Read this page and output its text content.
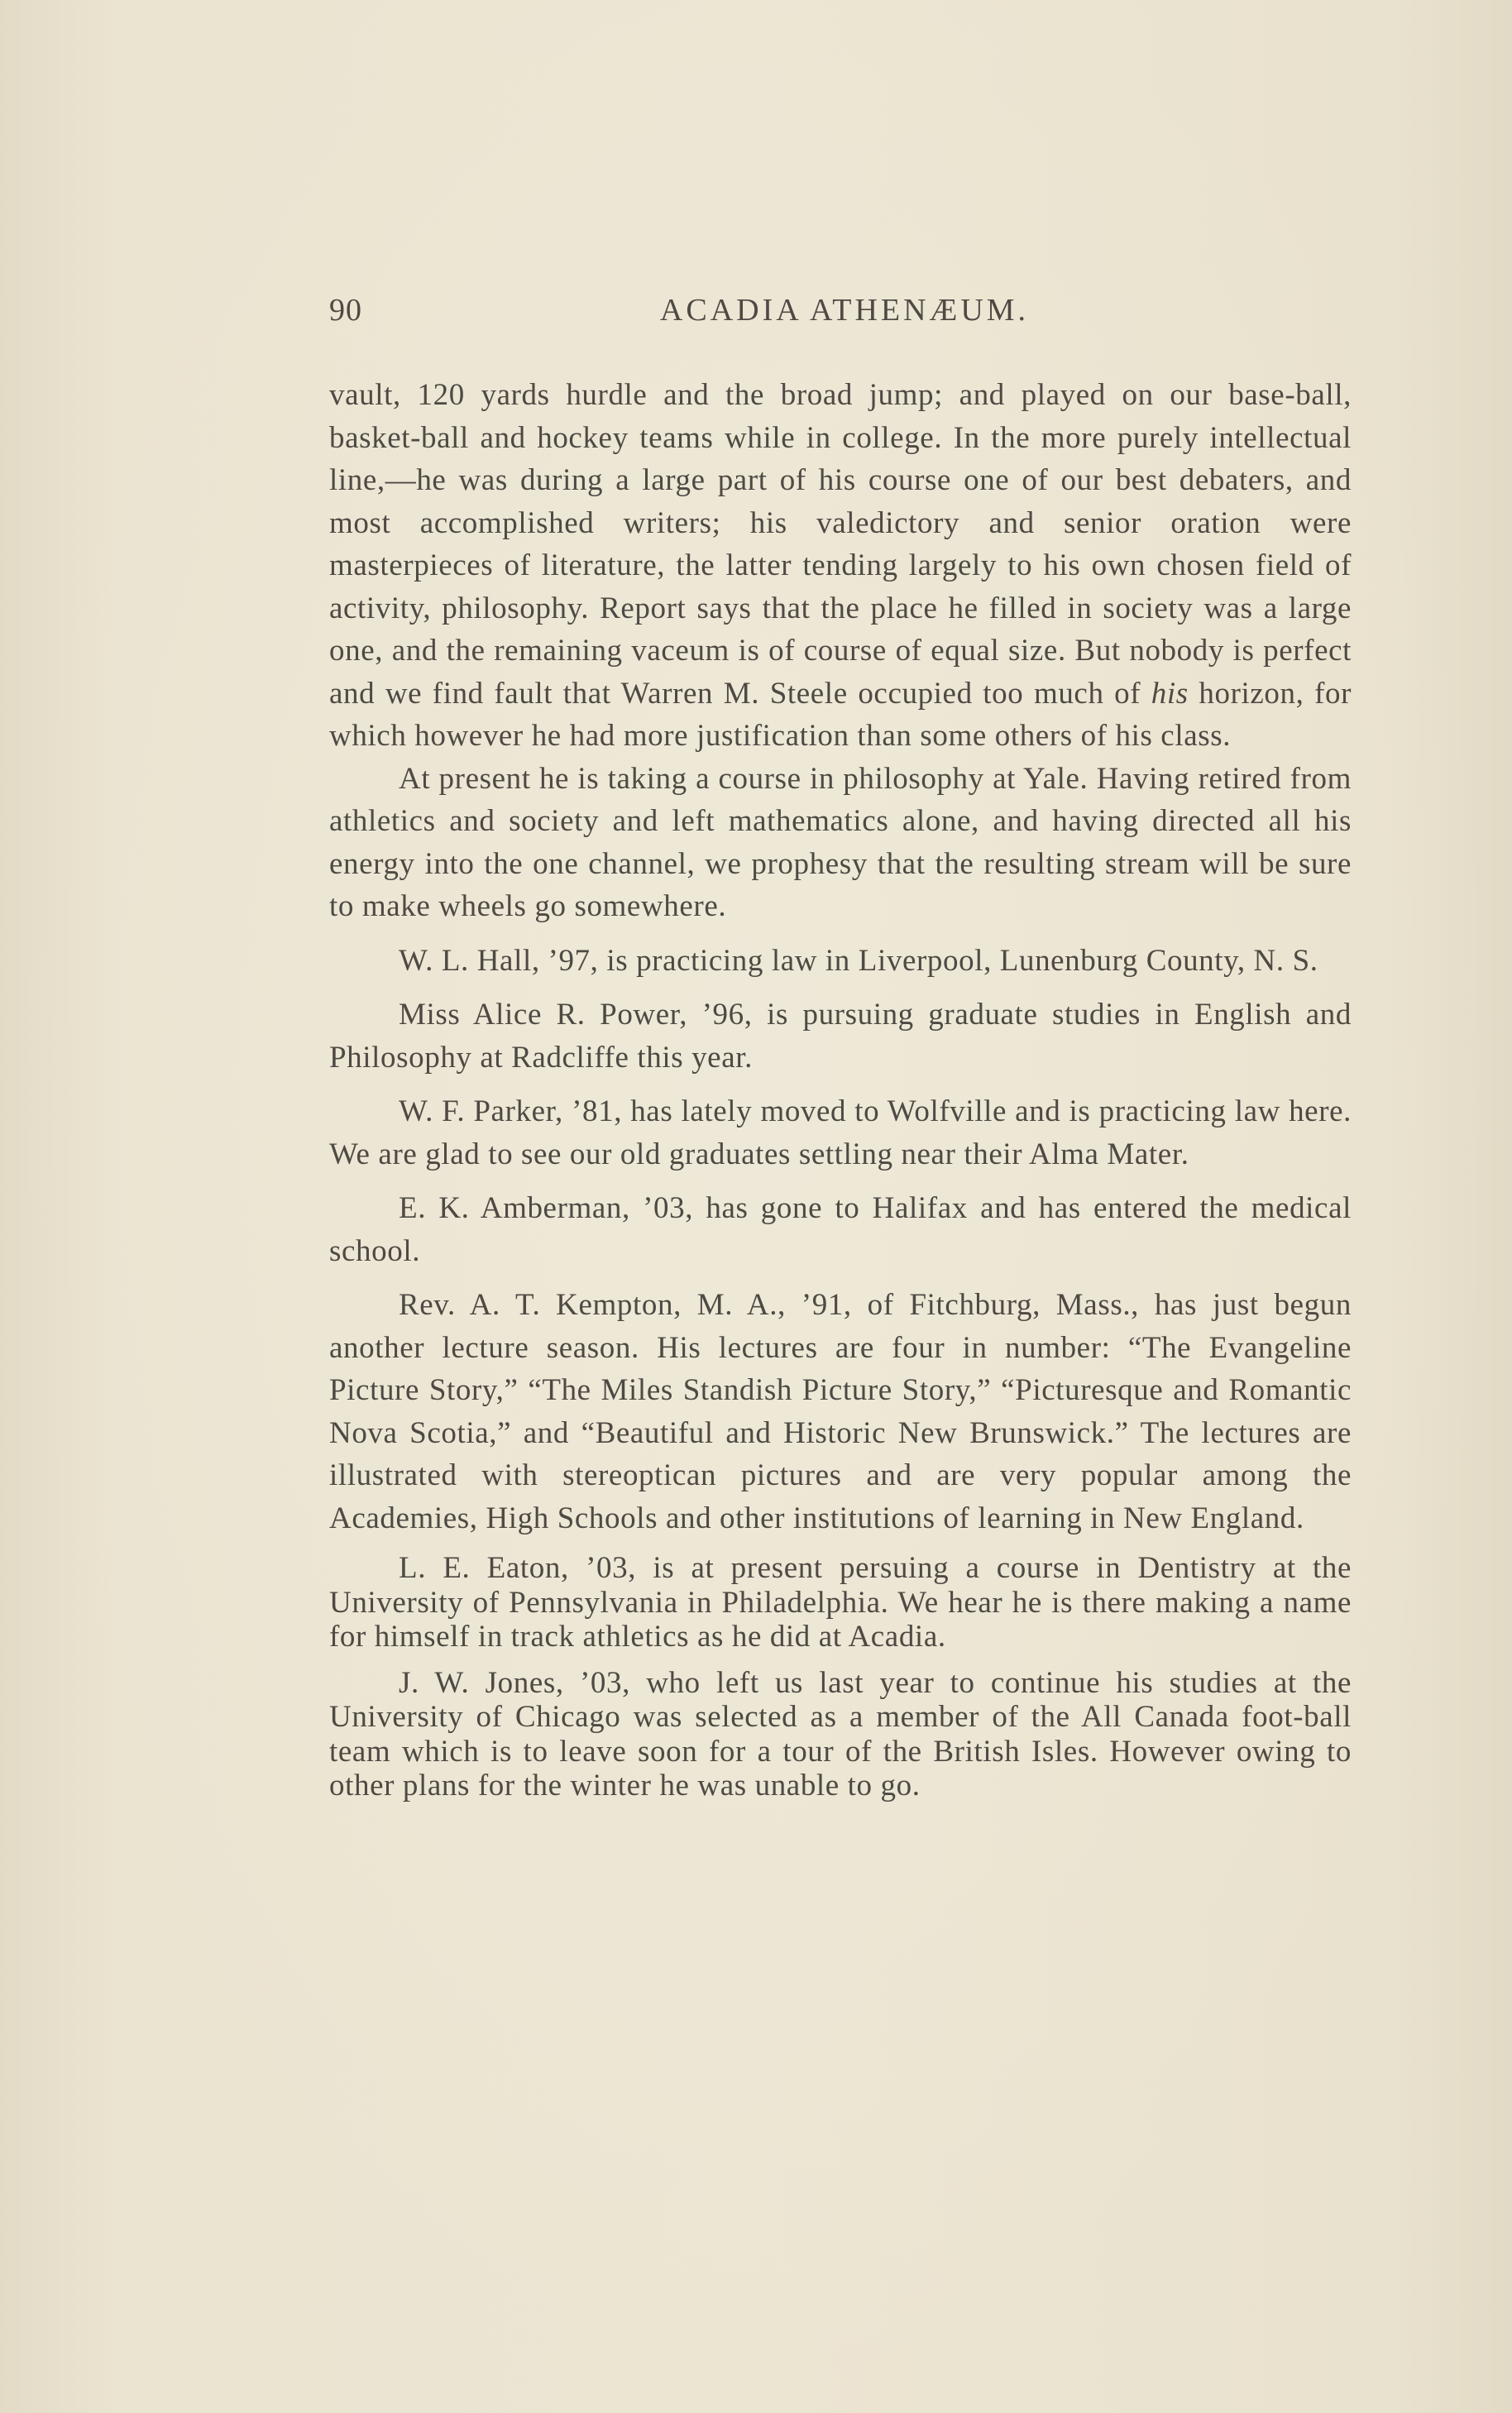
90	ACADIA ATHENÆUM.

vault, 120 yards hurdle and the broad jump; and played on our base-ball, basket-ball and hockey teams while in college. In the more purely intellectual line,—he was during a large part of his course one of our best debaters, and most accomplished writers; his valedictory and senior oration were masterpieces of literature, the latter tending largely to his own chosen field of activity, philosophy. Report says that the place he filled in society was a large one, and the remaining vaceum is of course of equal size. But nobody is perfect and we find fault that Warren M. Steele occupied too much of his horizon, for which however he had more justification than some others of his class.

At present he is taking a course in philosophy at Yale. Having retired from athletics and society and left mathematics alone, and having directed all his energy into the one channel, we prophesy that the resulting stream will be sure to make wheels go somewhere.

W. L. Hall, ’97, is practicing law in Liverpool, Lunenburg County, N. S.

Miss Alice R. Power, ’96, is pursuing graduate studies in English and Philosophy at Radcliffe this year.

W. F. Parker, ’81, has lately moved to Wolfville and is practicing law here. We are glad to see our old graduates settling near their Alma Mater.

E. K. Amberman, ’03, has gone to Halifax and has entered the medical school.

Rev. A. T. Kempton, M. A., ’91, of Fitchburg, Mass., has just begun another lecture season. His lectures are four in number: “The Evangeline Picture Story,” “The Miles Standish Picture Story,” “Picturesque and Romantic Nova Scotia,” and “Beautiful and Historic New Brunswick.” The lectures are illustrated with stereoptican pictures and are very popular among the Academies, High Schools and other institutions of learning in New England.

L. E. Eaton, ’03, is at present persuing a course in Dentistry at the University of Pennsylvania in Philadelphia. We hear he is there making a name for himself in track athletics as he did at Acadia.

J. W. Jones, ’03, who left us last year to continue his studies at the University of Chicago was selected as a member of the All Canada foot-ball team which is to leave soon for a tour of the British Isles. However owing to other plans for the winter he was unable to go.
